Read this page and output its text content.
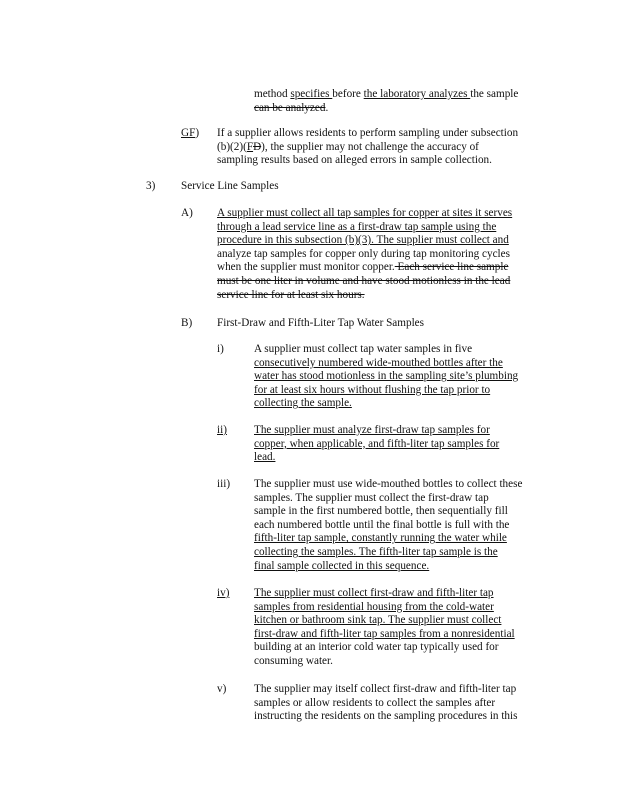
method specifies before the laboratory analyzes the sample
can be analyzed.
GF) If a supplier allows residents to perform sampling under subsection
(b)(2)(FD), the supplier may not challenge the accuracy of
sampling results based on alleged errors in sample collection.
3) Service Line Samples
A) A supplier must collect all tap samples for copper at sites it serves
through a lead service line as a first-draw tap sample using the
procedure in this subsection (b)(3). The supplier must collect and
analyze tap samples for copper only during tap monitoring cycles
when the supplier must monitor copper. Each service line sample
must be one liter in volume and have stood motionless in the lead
service line for at least six hours.
B) First-Draw and Fifth-Liter Tap Water Samples
i)	A supplier must collect tap water samples in five
consecutively numbered wide-mouthed bottles after the
water has stood motionless in the sampling site’s plumbing
for at least six hours without flushing the tap prior to
collecting the sample.
ii) The supplier must analyze first-draw tap samples for
copper, when applicable, and fifth-liter tap samples for
lead.
iii) The supplier must use wide-mouthed bottles to collect these
samples. The supplier must collect the first-draw tap
sample in the first numbered bottle, then sequentially fill
each numbered bottle until the final bottle is full with the
fifth-liter tap sample, constantly running the water while
collecting the samples. The fifth-liter tap sample is the
final sample collected in this sequence.
iv) The supplier must collect first-draw and fifth-liter tap
samples from residential housing from the cold-water
kitchen or bathroom sink tap. The supplier must collect
first-draw and fifth-liter tap samples from a nonresidential
building at an interior cold water tap typically used for
consuming water.
v) The supplier may itself collect first-draw and fifth-liter tap
samples or allow residents to collect the samples after
instructing the residents on the sampling procedures in this
